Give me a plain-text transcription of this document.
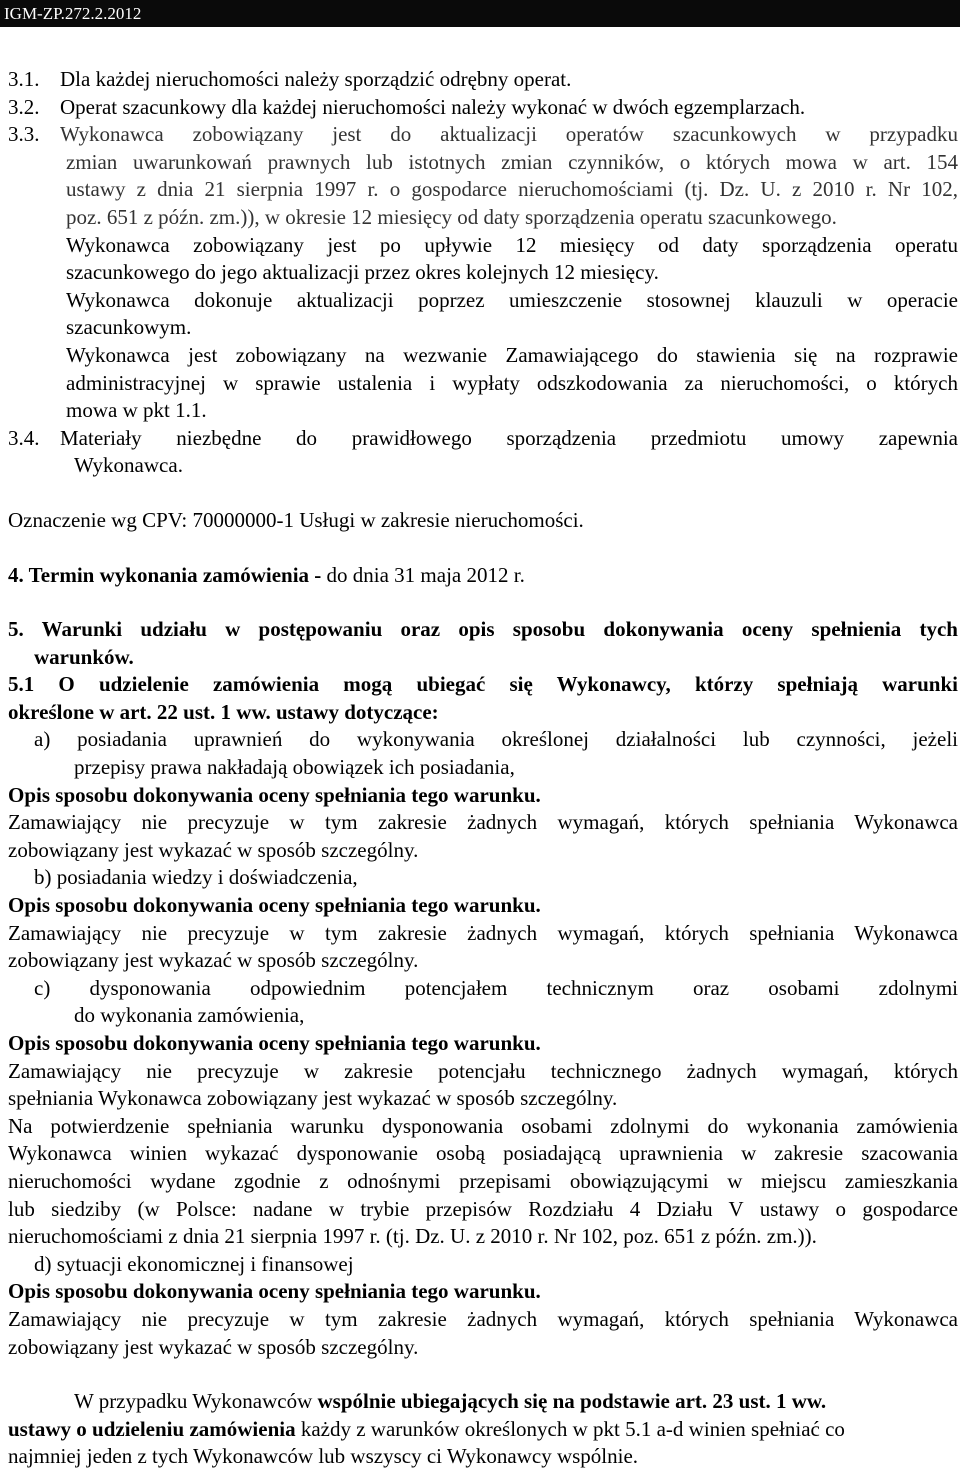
IGM-ZP.272.2.2012
3.1. Dla każdej nieruchomości należy sporządzić odrębny operat.
3.2. Operat szacunkowy dla każdej nieruchomości należy wykonać w dwóch egzemplarzach.
3.3. Wykonawca zobowiązany jest do aktualizacji operatów szacunkowych w przypadku
zmian uwarunkowań prawnych lub istotnych zmian czynników, o których mowa w art. 154
ustawy z dnia 21 sierpnia 1997 r. o gospodarce nieruchomościami (tj. Dz. U. z 2010 r. Nr 102,
poz. 651 z późn. zm.)), w okresie 12 miesięcy od daty sporządzenia operatu szacunkowego.
Wykonawca zobowiązany jest po upływie 12 miesięcy od daty sporządzenia operatu
szacunkowego do jego aktualizacji przez okres kolejnych 12 miesięcy.
Wykonawca dokonuje aktualizacji poprzez umieszczenie stosownej klauzuli w operacie
szacunkowym.
Wykonawca jest zobowiązany na wezwanie Zamawiającego do stawienia się na rozprawie
administracyjnej w sprawie ustalenia i wypłaty odszkodowania za nieruchomości, o których
mowa w pkt 1.1.
3.4. Materiały niezbędne do prawidłowego sporządzenia przedmiotu umowy zapewnia
Wykonawca.
Oznaczenie wg CPV: 70000000-1 Usługi w zakresie nieruchomości.
4. Termin wykonania zamówienia - do dnia 31 maja 2012 r.
5. Warunki udziału w postępowaniu oraz opis sposobu dokonywania oceny spełnienia tych
warunków.
5.1 O udzielenie zamówienia mogą ubiegać się Wykonawcy, którzy spełniają warunki
określone w art. 22 ust. 1 ww. ustawy dotyczące:
a) posiadania uprawnień do wykonywania określonej działalności lub czynności, jeżeli
przepisy prawa nakładają obowiązek ich posiadania,
Opis sposobu dokonywania oceny spełniania tego warunku.
Zamawiający nie precyzuje w tym zakresie żadnych wymagań, których spełniania Wykonawca
zobowiązany jest wykazać w sposób szczególny.
b) posiadania wiedzy i doświadczenia,
Opis sposobu dokonywania oceny spełniania tego warunku.
Zamawiający nie precyzuje w tym zakresie żadnych wymagań, których spełniania Wykonawca
zobowiązany jest wykazać w sposób szczególny.
c) dysponowania odpowiednim potencjałem technicznym oraz osobami zdolnymi
do wykonania zamówienia,
Opis sposobu dokonywania oceny spełniania tego warunku.
Zamawiający nie precyzuje w zakresie potencjału technicznego żadnych wymagań, których
spełniania Wykonawca zobowiązany jest wykazać w sposób szczególny.
Na potwierdzenie spełniania warunku dysponowania osobami zdolnymi do wykonania zamówienia
Wykonawca winien wykazać dysponowanie osobą posiadającą uprawnienia w zakresie szacowania
nieruchomości wydane zgodnie z odnośnymi przepisami obowiązującymi w miejscu zamieszkania
lub siedziby (w Polsce: nadane w trybie przepisów Rozdziału 4 Działu V ustawy o gospodarce
nieruchomościami z dnia 21 sierpnia 1997 r. (tj. Dz. U. z 2010 r. Nr 102, poz. 651 z późn. zm.)).
d) sytuacji ekonomicznej i finansowej
Opis sposobu dokonywania oceny spełniania tego warunku.
Zamawiający nie precyzuje w tym zakresie żadnych wymagań, których spełniania Wykonawca
zobowiązany jest wykazać w sposób szczególny.
W przypadku Wykonawców wspólnie ubiegających się na podstawie art. 23 ust. 1 ww.
ustawy o udzieleniu zamówienia każdy z warunków określonych w pkt 5.1 a-d winien spełniać co
najmniej jeden z tych Wykonawców lub wszyscy ci Wykonawcy wspólnie.
